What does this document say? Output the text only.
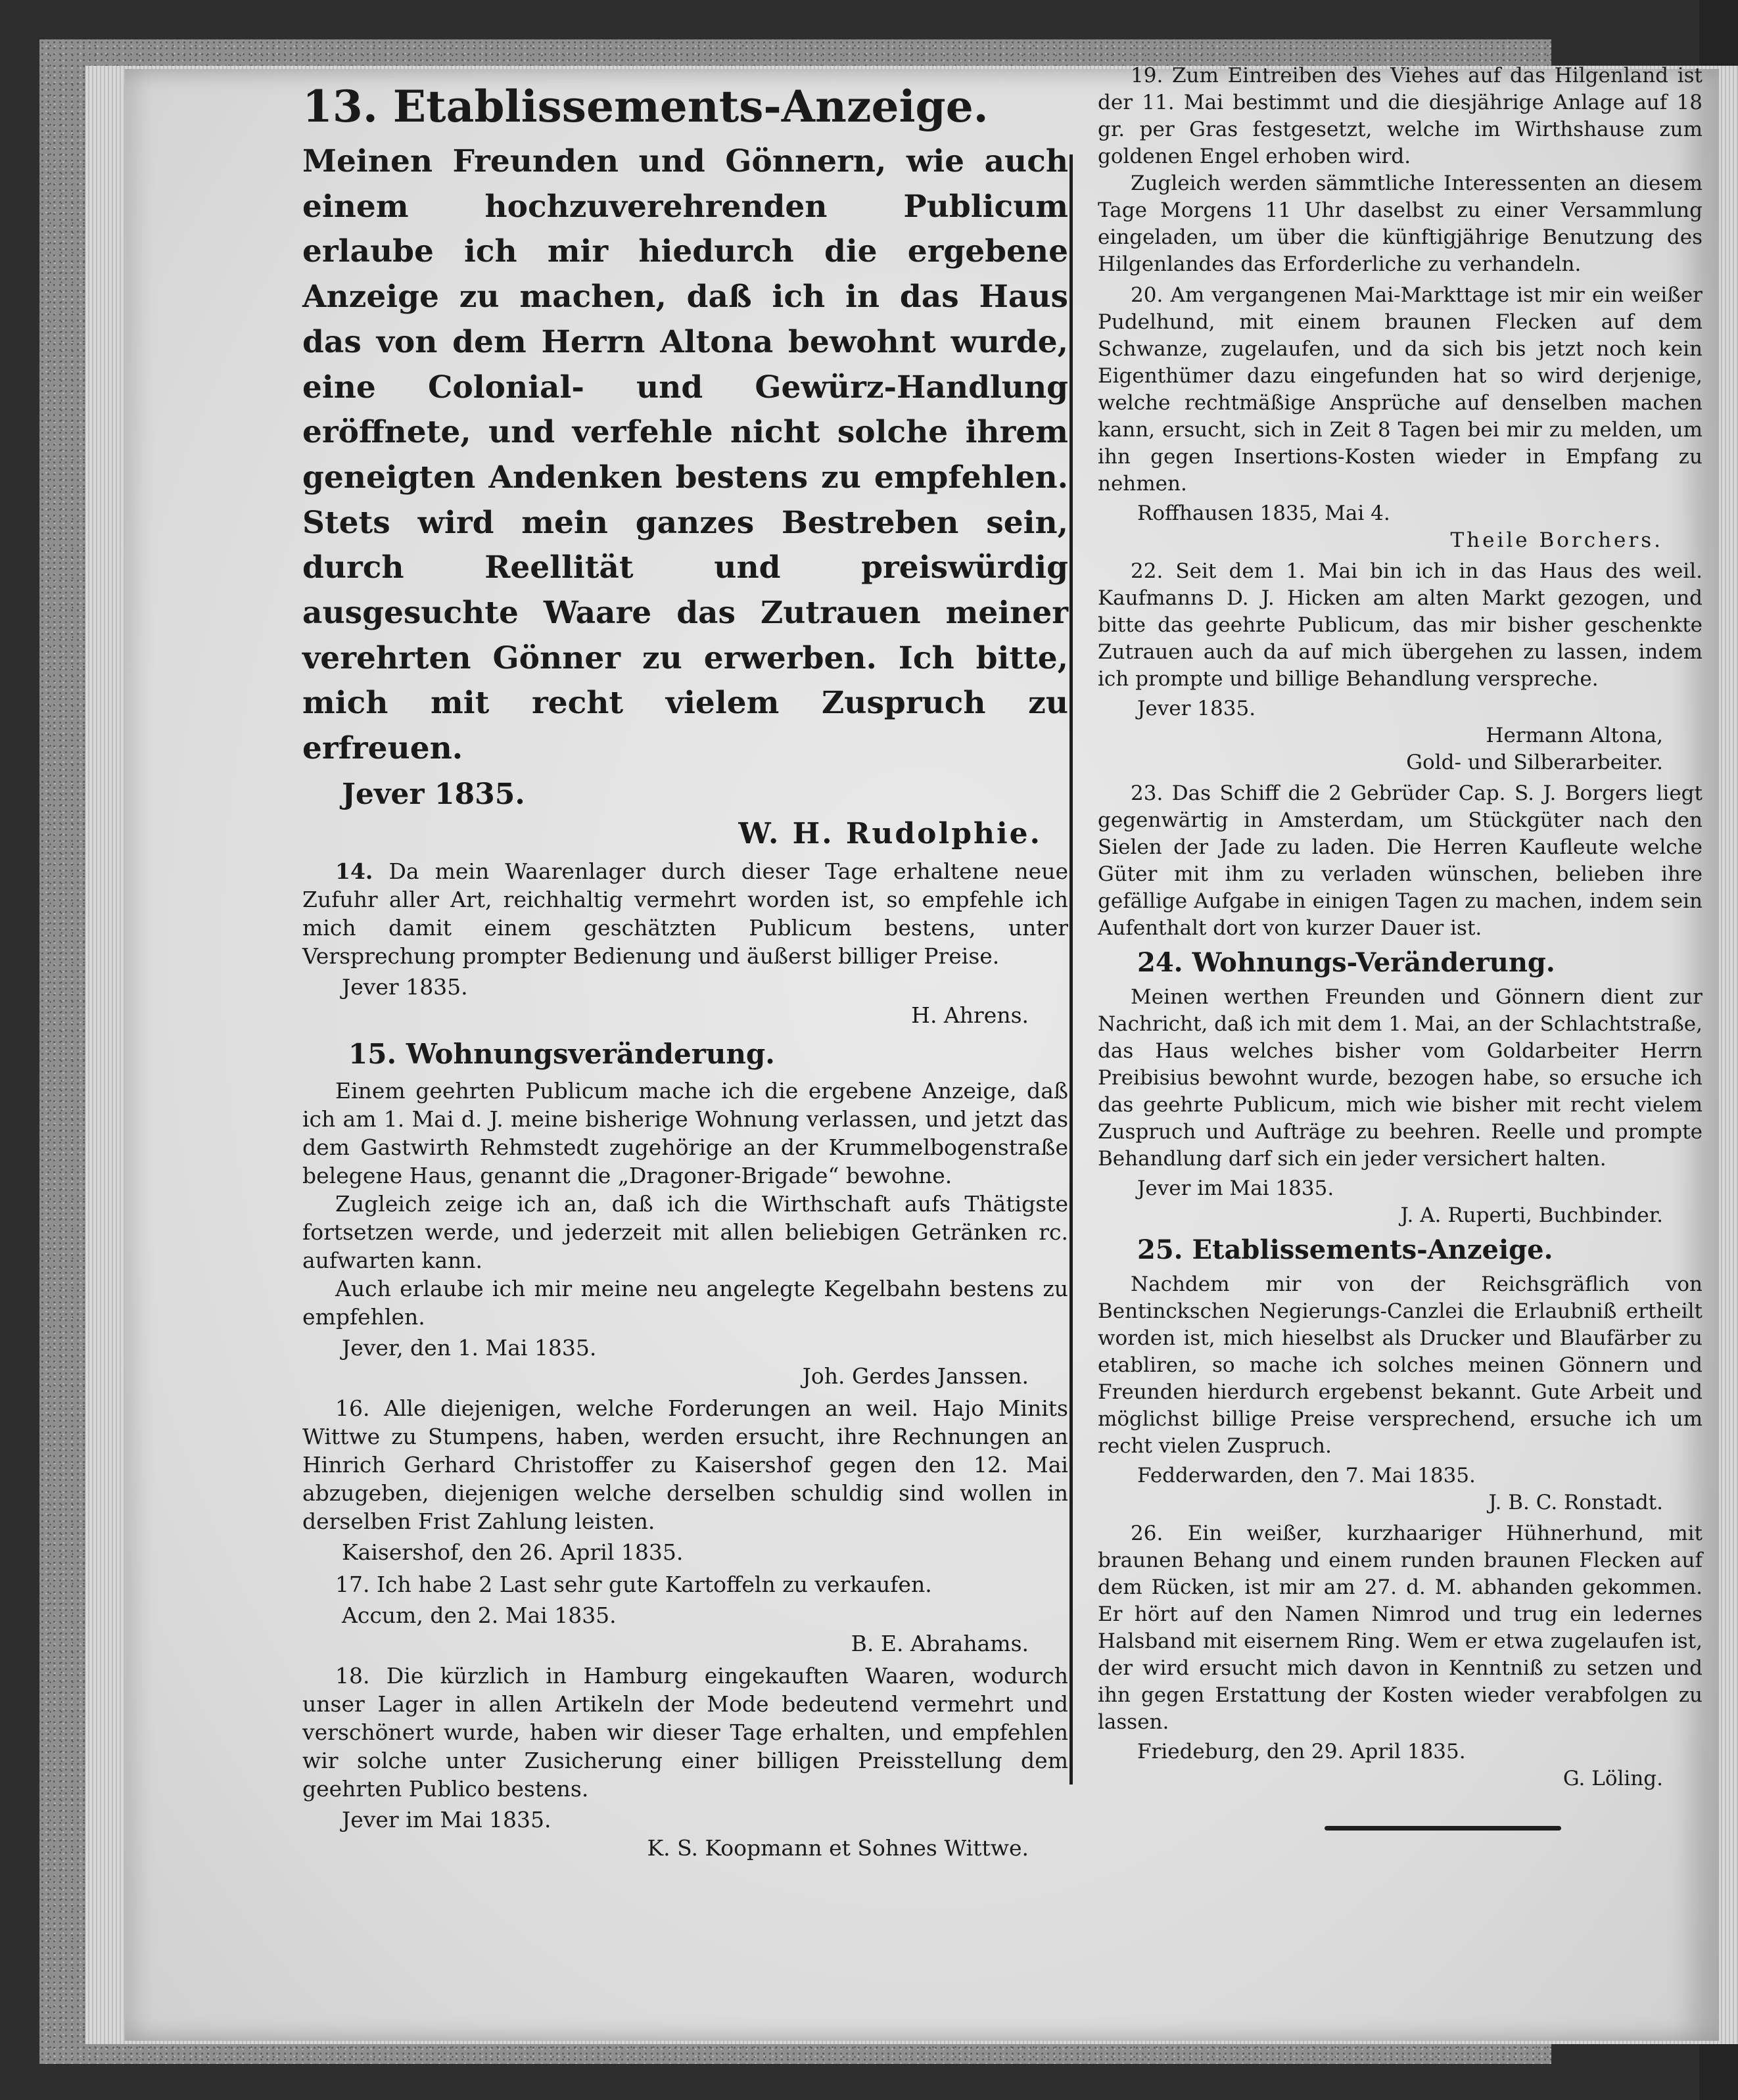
13. Etablissements-Anzeige.

Meinen Freunden und Gönnern, wie auch einem hochzuverehrenden Publicum erlaube ich mir hiedurch die ergebene Anzeige zu machen, daß ich in das Haus das von dem Herrn Altona bewohnt wurde, eine Colonial- und Gewürz-Handlung eröffnete, und verfehle nicht solche ihrem geneigten Andenken bestens zu empfehlen. Stets wird mein ganzes Bestreben sein, durch Reellität und preiswürdig ausgesuchte Waare das Zutrauen meiner verehrten Gönner zu erwerben. Ich bitte, mich mit recht vielem Zuspruch zu erfreuen.

Jever 1835.
W. H. Rudolphie.

14. Da mein Waarenlager durch dieser Tage erhaltene neue Zufuhr aller Art, reichhaltig vermehrt worden ist, so empfehle ich mich damit einem geschätzten Publicum bestens, unter Versprechung prompter Bedienung und äußerst billiger Preise.

Jever 1835.
H. Ahrens.
15. Wohnungsveränderung.

Einem geehrten Publicum mache ich die ergebene Anzeige, daß ich am 1. Mai d. J. meine bisherige Wohnung verlassen, und jetzt das dem Gastwirth Rehmstedt zugehörige an der Krummelbogenstraße belegene Haus, genannt die „Dragoner-Brigade“ bewohne.

Zugleich zeige ich an, daß ich die Wirthschaft aufs Thätigste fortsetzen werde, und jederzeit mit allen beliebigen Getränken rc. aufwarten kann.

Auch erlaube ich mir meine neu angelegte Kegelbahn bestens zu empfehlen.

Jever, den 1. Mai 1835.
Joh. Gerdes Janssen.

16. Alle diejenigen, welche Forderungen an weil. Hajo Minits Wittwe zu Stumpens, haben, werden ersucht, ihre Rechnungen an Hinrich Gerhard Christoffer zu Kaisershof gegen den 12. Mai abzugeben, diejenigen welche derselben schuldig sind wollen in derselben Frist Zahlung leisten.

Kaisershof, den 26. April 1835.

17. Ich habe 2 Last sehr gute Kartoffeln zu verkaufen.

Accum, den 2. Mai 1835.
B. E. Abrahams.

18. Die kürzlich in Hamburg eingekauften Waaren, wodurch unser Lager in allen Artikeln der Mode bedeutend vermehrt und verschönert wurde, haben wir dieser Tage erhalten, und empfehlen wir solche unter Zusicherung einer billigen Preisstellung dem geehrten Publico bestens.

Jever im Mai 1835.
K. S. Koopmann et Sohnes Wittwe.

19. Zum Eintreiben des Viehes auf das Hilgenland ist der 11. Mai bestimmt und die diesjährige Anlage auf 18 gr. per Gras festgesetzt, welche im Wirthshause zum goldenen Engel erhoben wird.

Zugleich werden sämmtliche Interessenten an diesem Tage Morgens 11 Uhr daselbst zu einer Versammlung eingeladen, um über die künftigjährige Benutzung des Hilgenlandes das Erforderliche zu verhandeln.

20. Am vergangenen Mai-Markttage ist mir ein weißer Pudelhund, mit einem braunen Flecken auf dem Schwanze, zugelaufen, und da sich bis jetzt noch kein Eigenthümer dazu eingefunden hat so wird derjenige, welche rechtmäßige Ansprüche auf denselben machen kann, ersucht, sich in Zeit 8 Tagen bei mir zu melden, um ihn gegen Insertions-Kosten wieder in Empfang zu nehmen.

Roffhausen 1835, Mai 4.
Theile Borchers.

22. Seit dem 1. Mai bin ich in das Haus des weil. Kaufmanns D. J. Hicken am alten Markt gezogen, und bitte das geehrte Publicum, das mir bisher geschenkte Zutrauen auch da auf mich übergehen zu lassen, indem ich prompte und billige Behandlung verspreche.

Jever 1835.
Hermann Altona,
Gold- und Silberarbeiter.

23. Das Schiff die 2 Gebrüder Cap. S. J. Borgers liegt gegenwärtig in Amsterdam, um Stückgüter nach den Sielen der Jade zu laden. Die Herren Kaufleute welche Güter mit ihm zu verladen wünschen, belieben ihre gefällige Aufgabe in einigen Tagen zu machen, indem sein Aufenthalt dort von kurzer Dauer ist.

24. Wohnungs-Veränderung.

Meinen werthen Freunden und Gönnern dient zur Nachricht, daß ich mit dem 1. Mai, an der Schlachtstraße, das Haus welches bisher vom Goldarbeiter Herrn Preibisius bewohnt wurde, bezogen habe, so ersuche ich das geehrte Publicum, mich wie bisher mit recht vielem Zuspruch und Aufträge zu beehren. Reelle und prompte Behandlung darf sich ein jeder versichert halten.

Jever im Mai 1835.
J. A. Ruperti, Buchbinder.
25. Etablissements-Anzeige.

Nachdem mir von der Reichsgräflich von Bentinckschen Negierungs-Canzlei die Erlaubniß ertheilt worden ist, mich hieselbst als Drucker und Blaufärber zu etabliren, so mache ich solches meinen Gönnern und Freunden hierdurch ergebenst bekannt. Gute Arbeit und möglichst billige Preise versprechend, ersuche ich um recht vielen Zuspruch.

Fedderwarden, den 7. Mai 1835.
J. B. C. Ronstadt.

26. Ein weißer, kurzhaariger Hühnerhund, mit braunen Behang und einem runden braunen Flecken auf dem Rücken, ist mir am 27. d. M. abhanden gekommen. Er hört auf den Namen Nimrod und trug ein ledernes Halsband mit eisernem Ring. Wem er etwa zugelaufen ist, der wird ersucht mich davon in Kenntniß zu setzen und ihn gegen Erstattung der Kosten wieder verabfolgen zu lassen.

Friedeburg, den 29. April 1835.
G. Löling.
